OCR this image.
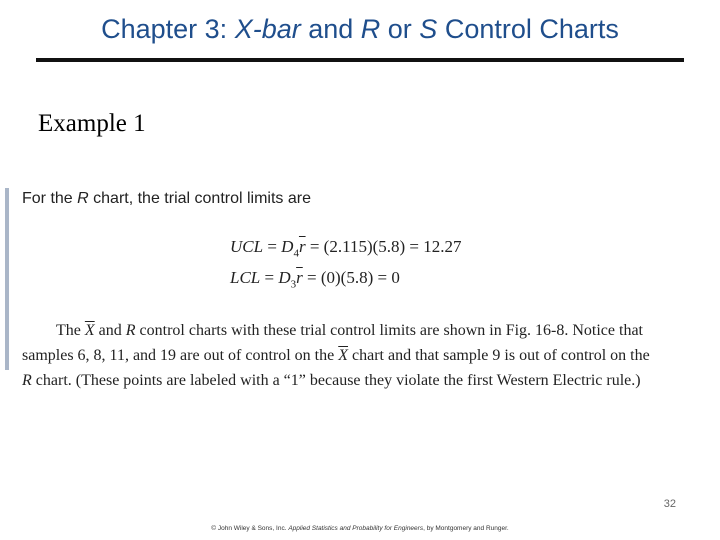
Chapter 3: X-bar and R or S Control Charts
Example 1
For the R chart, the trial control limits are
UCL = $D_4\overline{r} = (2.115)(5.8) = 12.27$
LCL = $D_3\overline{r} = (0)(5.8) = 0$
The $\overline{X}$ and R control charts with these trial control limits are shown in Fig. 16-8. Notice that
samples 6, 8, 11, and 19 are out of control on the $\overline{X}$ chart and that sample 9 is out of control on the
R chart. (These points are labeled with a “1” because they violate the first Western Electric rule.)
32
© John Wiley & Sons, Inc. Applied Statistics and Probability for Engineers, by Montgomery and Runger.
